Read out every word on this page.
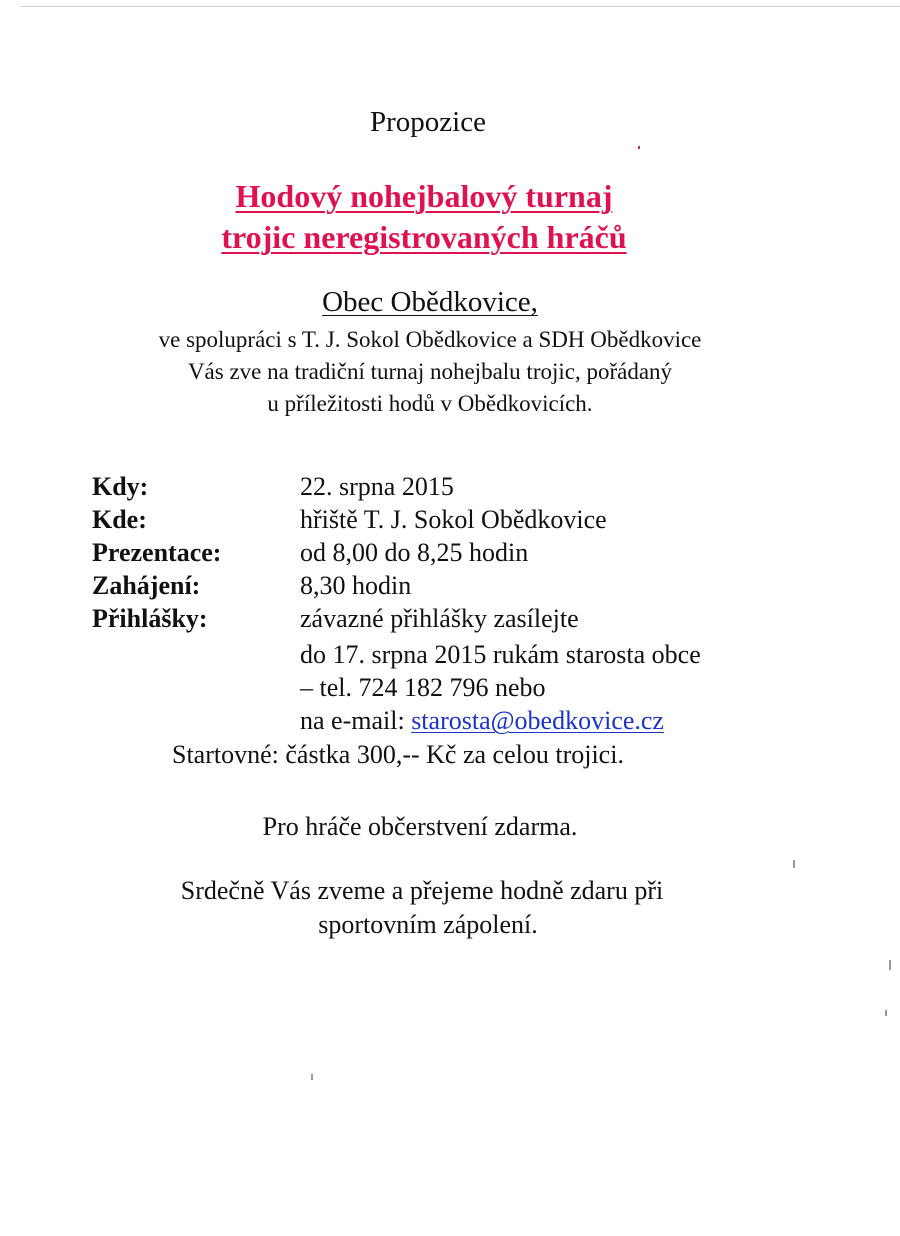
Propozice
Hodový nohejbalový turnaj
trojic neregistrovaných hráčů
Obec Obědkovice,
ve spolupráci s T. J. Sokol Obědkovice a SDH Obědkovice
Vás zve na tradiční turnaj nohejbalu trojic, pořádaný
u příležitosti hodů v Obědkovicích.
Kdy:	22. srpna 2015
Kde:	hřiště T. J. Sokol Obědkovice
Prezentace:	od 8,00 do 8,25 hodin
Zahájení:	8,30 hodin
Přihlášky:	závazné přihlášky zasílejte
do 17. srpna 2015 rukám starosta obce
– tel. 724 182 796 nebo
na e-mail: starosta@obedkovice.cz
Startovné: částka 300,-- Kč za celou trojici.
Pro hráče občerstvení zdarma.
Srdečně Vás zveme a přejeme hodně zdaru při
sportovním zápolení.
